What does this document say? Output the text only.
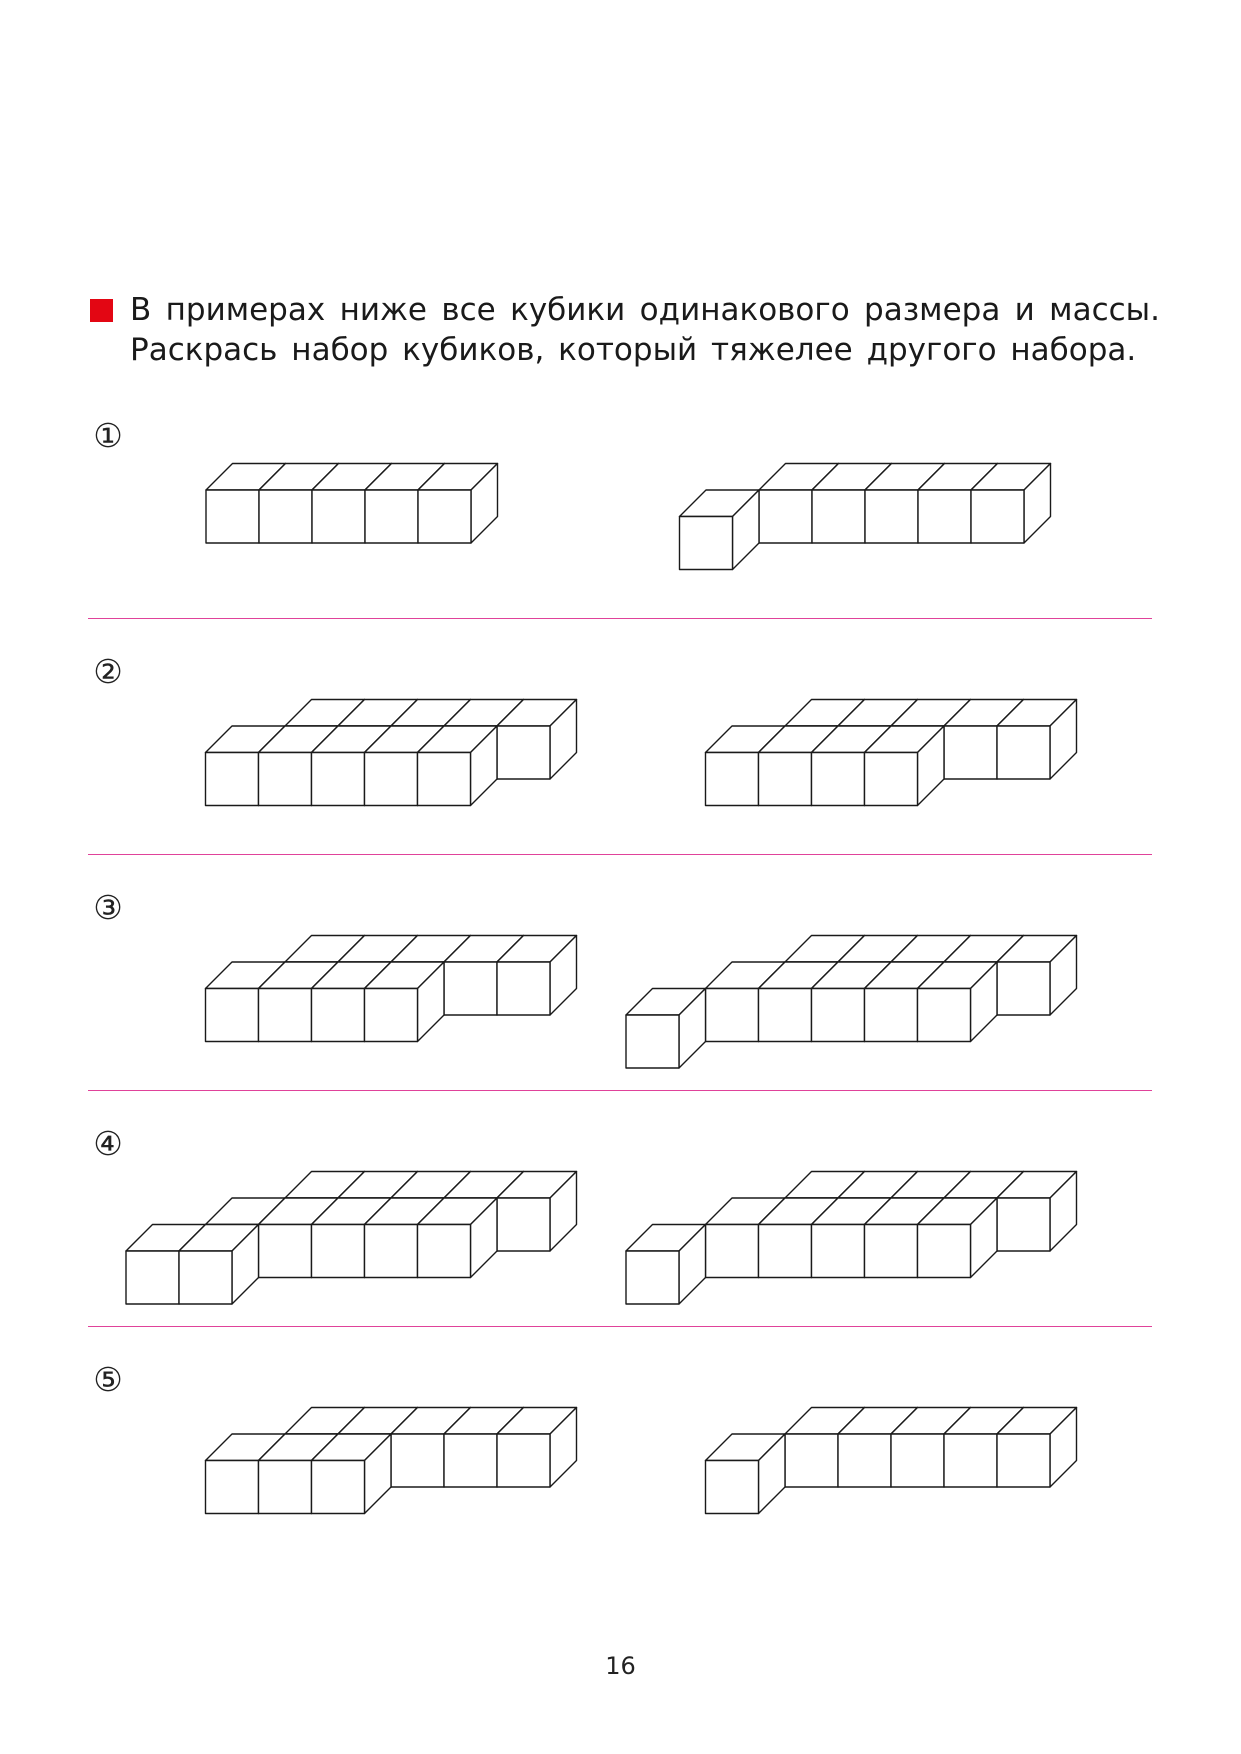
В примерах ниже все кубики одинакового размера и массы.
Раскрась набор кубиков, который тяжелее другого набора.
①
②
③
④
⑤
16
